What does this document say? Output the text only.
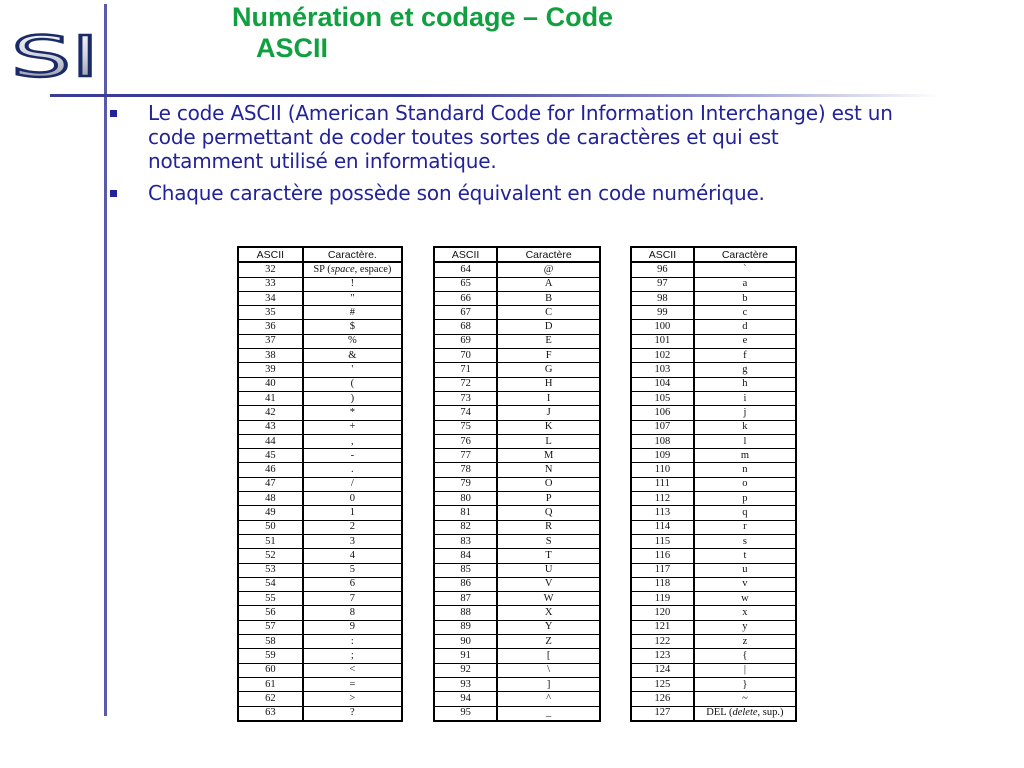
SI
Numération et codage – Code
ASCII
Le code ASCII (American Standard Code for Information Interchange) est un code permettant de coder toutes sortes de caractères et qui est notamment utilisé en informatique.
Chaque caractère possède son équivalent en code numérique.
ASCII	Caractère.
32	SP (space, espace)
33	!
34	"
35	#
36	$
37	%
38	&
39	'
40	(
41	)
42	*
43	+
44	,
45	-
46	.
47	/
48	0
49	1
50	2
51	3
52	4
53	5
54	6
55	7
56	8
57	9
58	:
59	;
60	<
61	=
62	>
63	?
ASCII	Caractère
64	@
65	A
66	B
67	C
68	D
69	E
70	F
71	G
72	H
73	I
74	J
75	K
76	L
77	M
78	N
79	O
80	P
81	Q
82	R
83	S
84	T
85	U
86	V
87	W
88	X
89	Y
90	Z
91	[
92	\
93	]
94	^
95	_
ASCII	Caractère
96	`
97	a
98	b
99	c
100	d
101	e
102	f
103	g
104	h
105	i
106	j
107	k
108	l
109	m
110	n
111	o
112	p
113	q
114	r
115	s
116	t
117	u
118	v
119	w
120	x
121	y
122	z
123	{
124	|
125	}
126	~
127	DEL (delete, sup.)
